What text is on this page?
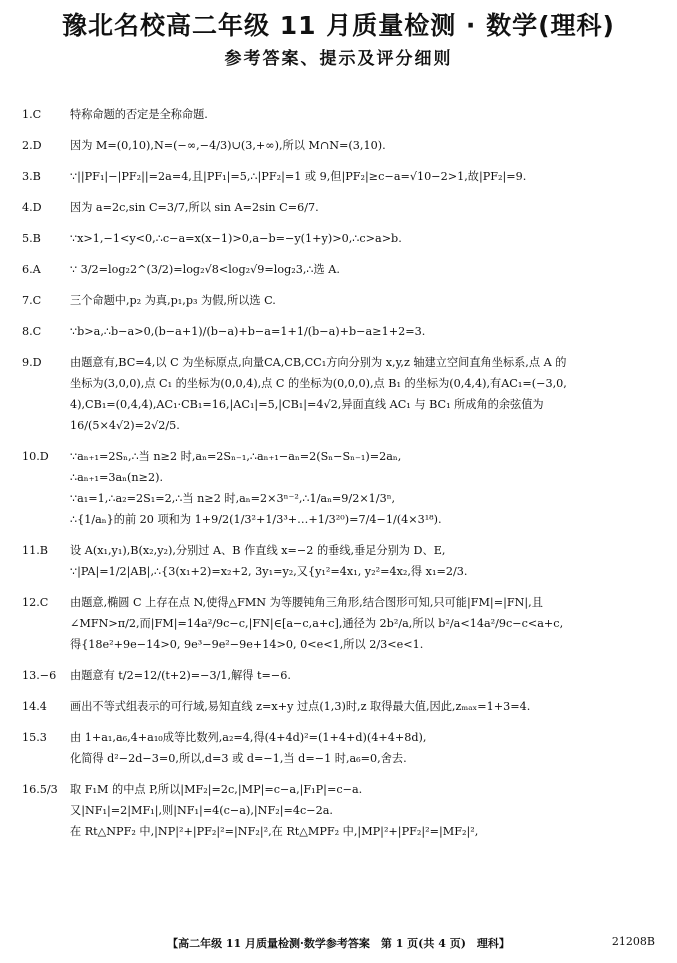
豫北名校高二年级 11 月质量检测 · 数学(理科)
参考答案、提示及评分细则
1.C	特称命题的否定是全称命题.
2.D	因为 M=(0,10),N=(−∞,−4/3)∪(3,+∞),所以 M∩N=(3,10).
3.B	∵||PF₁|−|PF₂||=2a=4,且|PF₁|=5,∴|PF₂|=1 或 9,但|PF₂|≥c−a=√10−2>1,故|PF₂|=9.
4.D	因为 a=2c,sin C=3/7,所以 sin A=2sin C=6/7.
5.B	∵x>1,−1<y<0,∴c−a=x(x−1)>0,a−b=−y(1+y)>0,∴c>a>b.
6.A	∵ 3/2=log₂2^(3/2)=log₂√8<log₂√9=log₂3,∴选 A.
7.C	三个命题中,p₂ 为真,p₁,p₃ 为假,所以选 C.
8.C	∵b>a,∴b−a>0,(b−a+1)/(b−a)+b−a=1+1/(b−a)+b−a≥1+2=3.
9.D	由题意有,BC=4,以 C 为坐标原点,向量CA,CB,CC₁方向分别为 x,y,z 轴建立空间直角坐标系,点 A 的
坐标为(3,0,0),点 C₁ 的坐标为(0,0,4),点 C 的坐标为(0,0,0),点 B₁ 的坐标为(0,4,4),有AC₁=(−3,0,
4),CB₁=(0,4,4),AC₁·CB₁=16,|AC₁|=5,|CB₁|=4√2,异面直线 AC₁ 与 BC₁ 所成角的余弦值为
16/(5×4√2)=2√2/5.
10.D ∵aₙ₊₁=2Sₙ,∴当 n≥2 时,aₙ=2Sₙ₋₁,∴aₙ₊₁−aₙ=2(Sₙ−Sₙ₋₁)=2aₙ,
∴aₙ₊₁=3aₙ(n≥2).
∵a₁=1,∴a₂=2S₁=2,∴当 n≥2 时,aₙ=2×3ⁿ⁻²,∴1/aₙ=9/2×1/3ⁿ,
∴{1/aₙ}的前 20 项和为 1+9/2(1/3²+1/3³+…+1/3²⁰)=7/4−1/(4×3¹⁸).
11.B 设 A(x₁,y₁),B(x₂,y₂),分别过 A、B 作直线 x=−2 的垂线,垂足分别为 D、E,
∵|PA|=1/2|AB|,∴{3(x₁+2)=x₂+2, 3y₁=y₂,又{y₁²=4x₁, y₂²=4x₂,得 x₁=2/3.
12.C 由题意,椭圆 C 上存在点 N,使得△FMN 为等腰钝角三角形,结合图形可知,只可能|FM|=|FN|,且
∠MFN>π/2,而|FM|=14a²/9c−c,|FN|∈[a−c,a+c],通径为 2b²/a,所以 b²/a<14a²/9c−c<a+c,
得{18e²+9e−14>0, 9e³−9e²−9e+14>0, 0<e<1,所以 2/3<e<1.
13.−6 由题意有 t/2=12/(t+2)=−3/1,解得 t=−6.
14.4 画出不等式组表示的可行域,易知直线 z=x+y 过点(1,3)时,z 取得最大值,因此,zₘₐₓ=1+3=4.
15.3 由 1+a₁,a₆,4+a₁₀成等比数列,a₂=4,得(4+4d)²=(1+4+d)(4+4+8d),
化简得 d²−2d−3=0,所以,d=3 或 d=−1,当 d=−1 时,a₆=0,舍去.
16.5/3 取 F₁M 的中点 P,所以|MF₂|=2c,|MP|=c−a,|F₁P|=c−a.
又|NF₁|=2|MF₁|,则|NF₁|=4(c−a),|NF₂|=4c−2a.
在 Rt△NPF₂ 中,|NP|²+|PF₂|²=|NF₂|²,在 Rt△MPF₂ 中,|MP|²+|PF₂|²=|MF₂|²,
【高二年级 11 月质量检测·数学参考答案　第 1 页(共 4 页)　理科】	21208B
